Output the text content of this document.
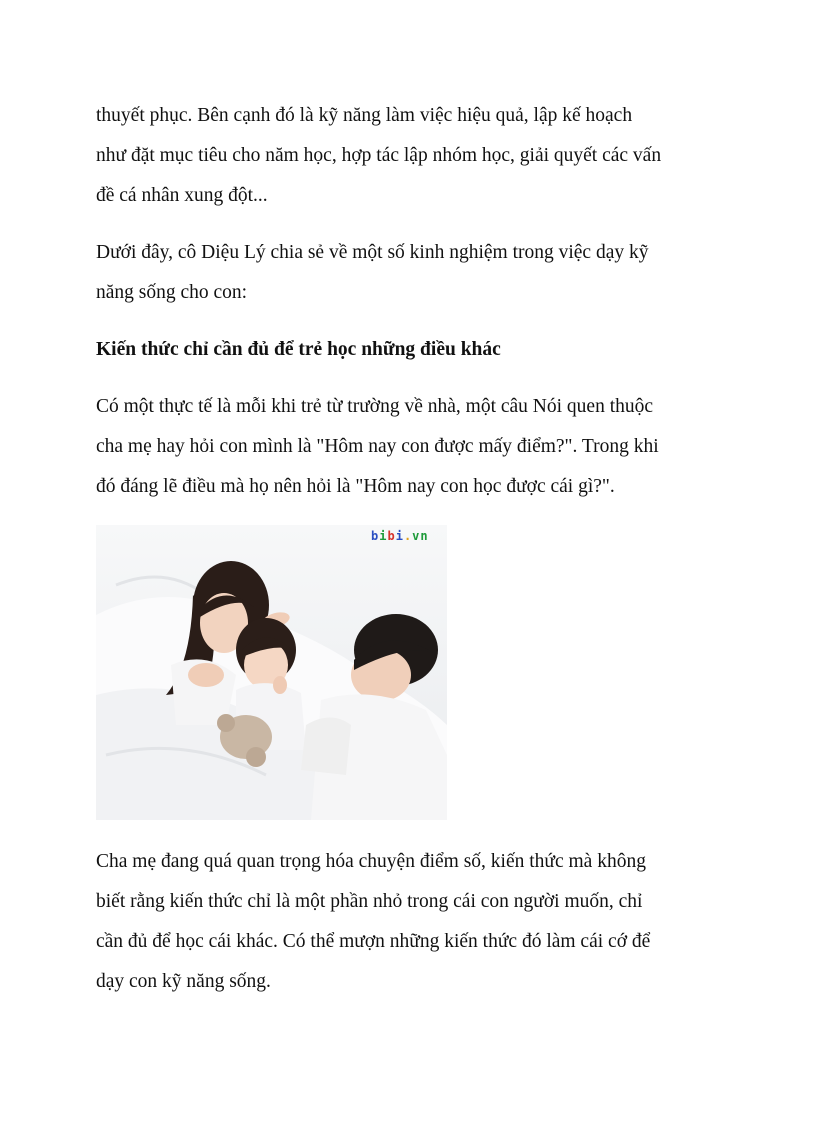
thuyết phục. Bên cạnh đó là kỹ năng làm việc hiệu quả, lập kế hoạch
như đặt mục tiêu cho năm học, hợp tác lập nhóm học, giải quyết các vấn
đề cá nhân xung đột...

Dưới đây, cô Diệu Lý chia sẻ về một số kinh nghiệm trong việc dạy kỹ
năng sống cho con:

Kiến thức chỉ cần đủ để trẻ học những điều khác

Có một thực tế là mỗi khi trẻ từ trường về nhà, một câu Nói quen thuộc
cha mẹ hay hỏi con mình là "Hôm nay con được mấy điểm?". Trong khi
đó đáng lẽ điều mà họ nên hỏi là "Hôm nay con học được cái gì?".

bibi.vn

Cha mẹ đang quá quan trọng hóa chuyện điểm số, kiến thức mà không
biết rằng kiến thức chỉ là một phần nhỏ trong cái con người muốn, chỉ
cần đủ để học cái khác. Có thể mượn những kiến thức đó làm cái cớ để
dạy con kỹ năng sống.
